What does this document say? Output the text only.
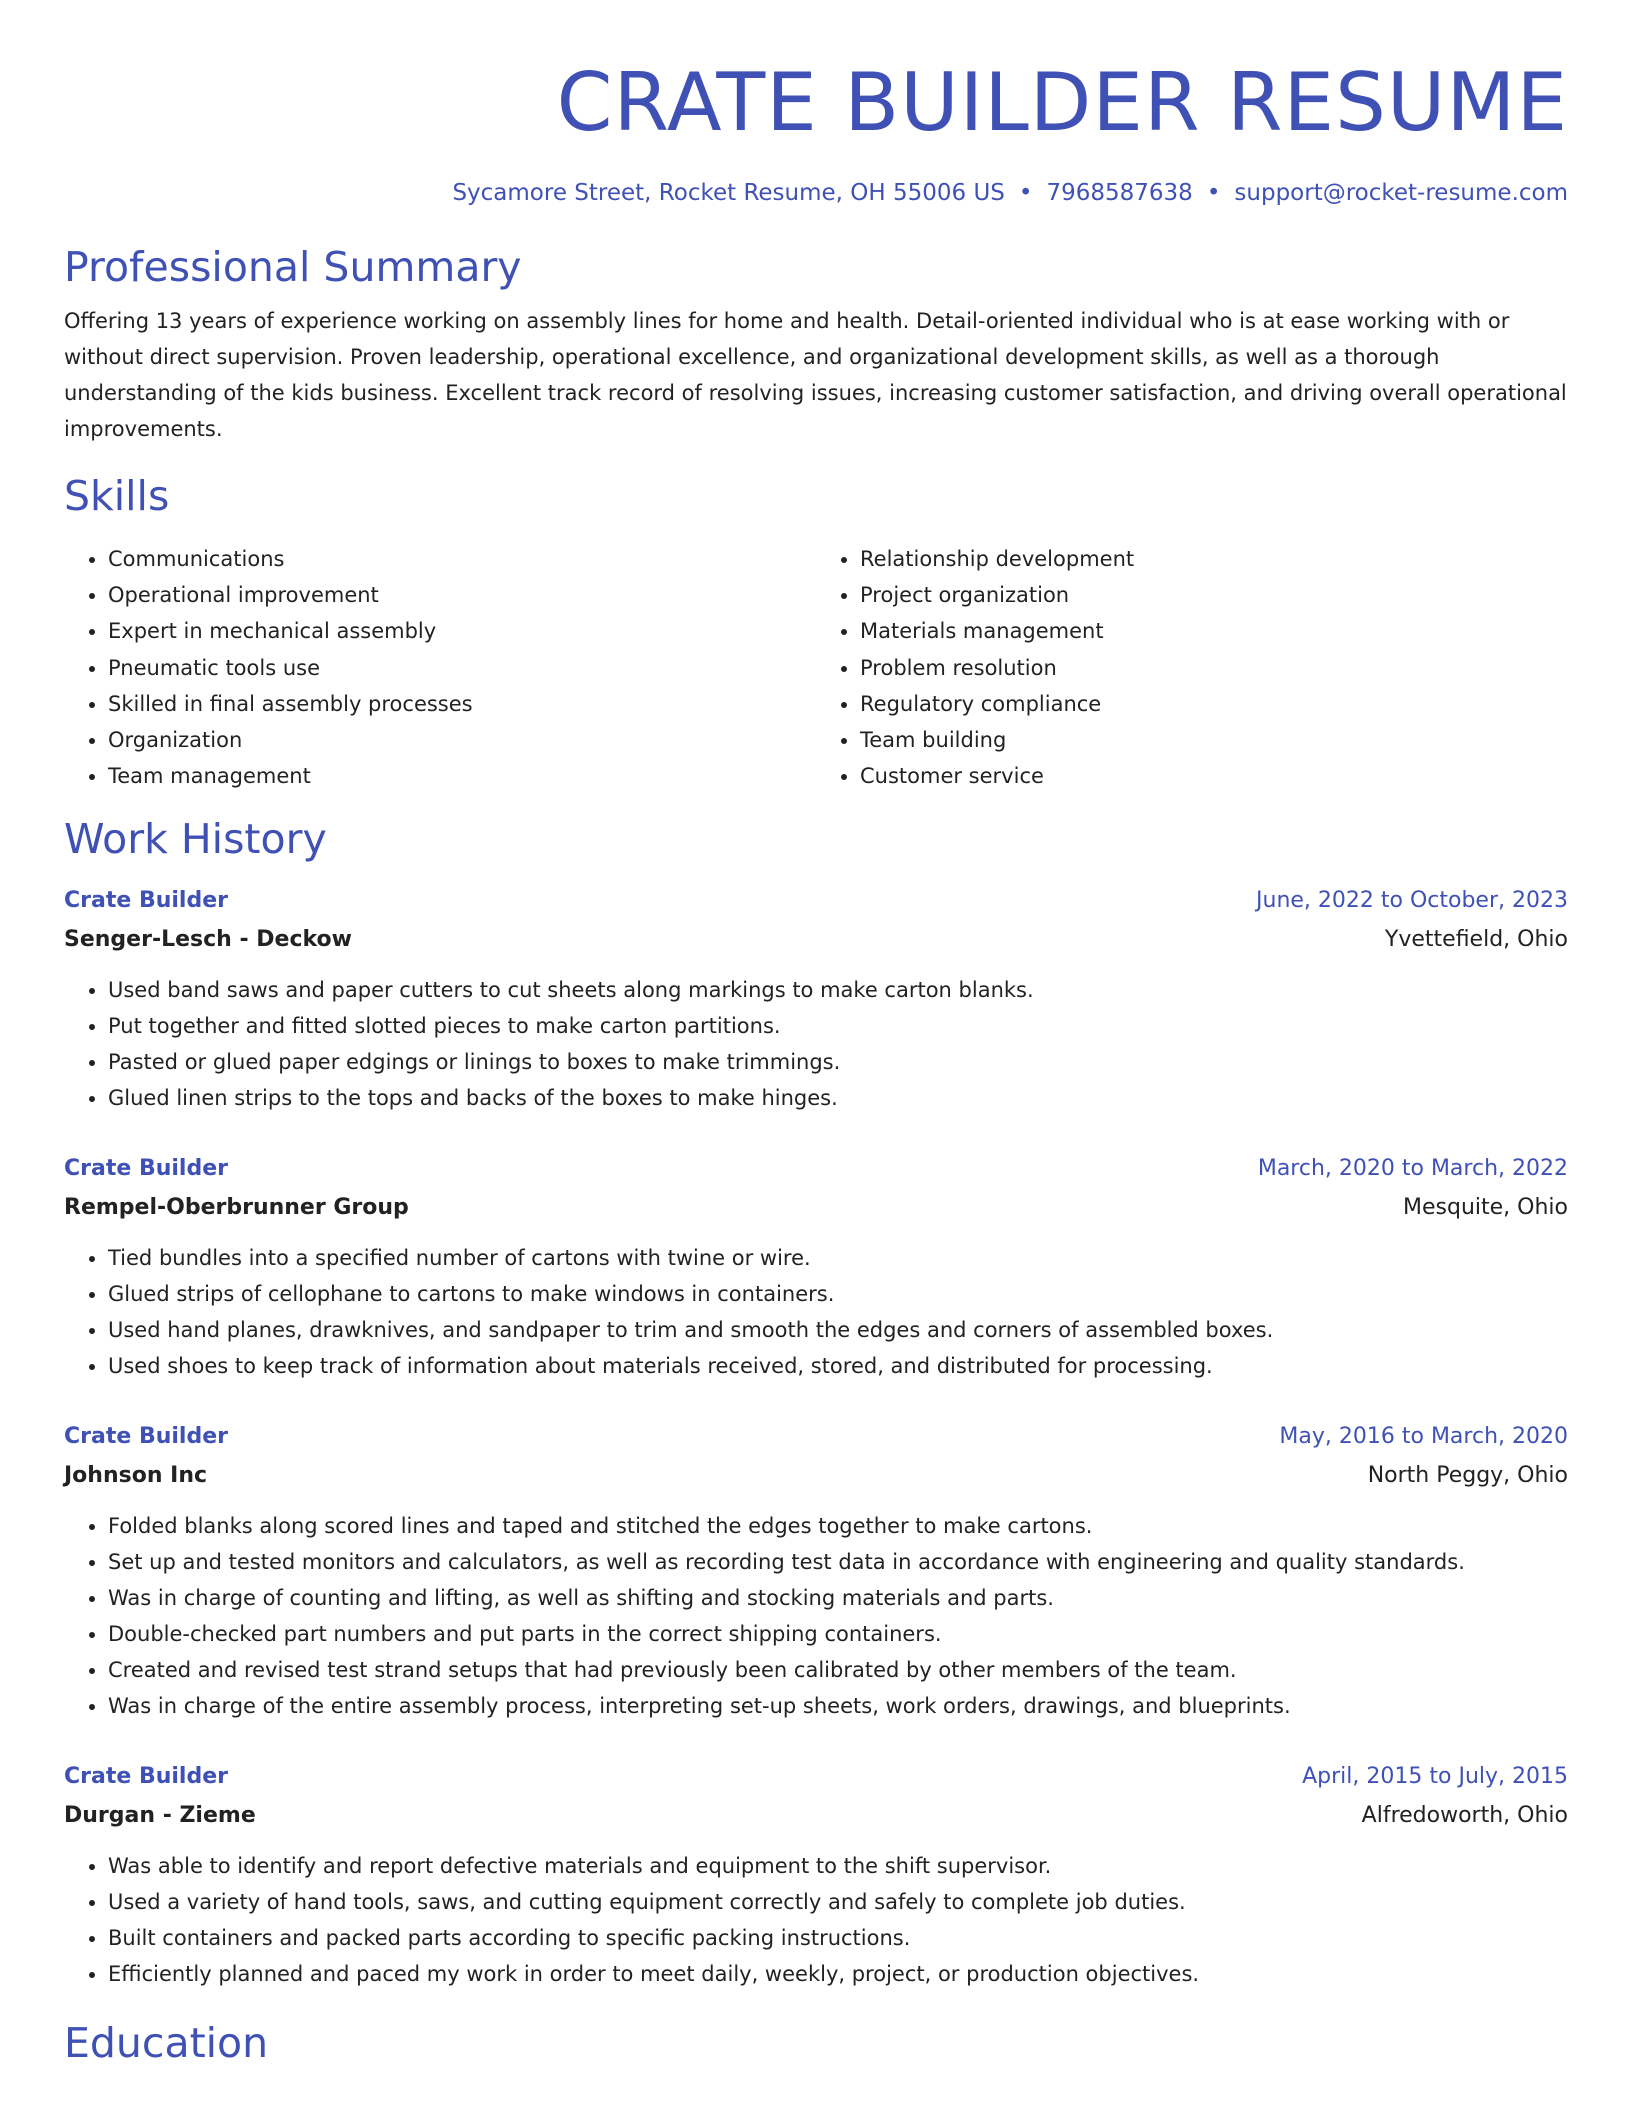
CRATE BUILDER RESUME
Sycamore Street, Rocket Resume, OH 55006 US • 7968587638 • support@rocket-resume.com
Professional Summary

Offering 13 years of experience working on assembly lines for home and health. Detail-oriented individual who is at ease working with or without direct supervision. Proven leadership, operational excellence, and organizational development skills, as well as a thorough understanding of the kids business. Excellent track record of resolving issues, increasing customer satisfaction, and driving overall operational improvements.

Skills
• Communications
• Operational improvement
• Expert in mechanical assembly
• Pneumatic tools use
• Skilled in final assembly processes
• Organization
• Team management
• Relationship development
• Project organization
• Materials management
• Problem resolution
• Regulatory compliance
• Team building
• Customer service
Work History
Crate Builder	June, 2022 to October, 2023
Senger-Lesch - Deckow	Yvettefield, Ohio
• Used band saws and paper cutters to cut sheets along markings to make carton blanks.
• Put together and fitted slotted pieces to make carton partitions.
• Pasted or glued paper edgings or linings to boxes to make trimmings.
• Glued linen strips to the tops and backs of the boxes to make hinges.
Crate Builder	March, 2020 to March, 2022
Rempel-Oberbrunner Group	Mesquite, Ohio
• Tied bundles into a specified number of cartons with twine or wire.
• Glued strips of cellophane to cartons to make windows in containers.
• Used hand planes, drawknives, and sandpaper to trim and smooth the edges and corners of assembled boxes.
• Used shoes to keep track of information about materials received, stored, and distributed for processing.
Crate Builder	May, 2016 to March, 2020
Johnson Inc	North Peggy, Ohio
• Folded blanks along scored lines and taped and stitched the edges together to make cartons.
• Set up and tested monitors and calculators, as well as recording test data in accordance with engineering and quality standards.
• Was in charge of counting and lifting, as well as shifting and stocking materials and parts.
• Double-checked part numbers and put parts in the correct shipping containers.
• Created and revised test strand setups that had previously been calibrated by other members of the team.
• Was in charge of the entire assembly process, interpreting set-up sheets, work orders, drawings, and blueprints.
Crate Builder	April, 2015 to July, 2015
Durgan - Zieme	Alfredoworth, Ohio
• Was able to identify and report defective materials and equipment to the shift supervisor.
• Used a variety of hand tools, saws, and cutting equipment correctly and safely to complete job duties.
• Built containers and packed parts according to specific packing instructions.
• Efficiently planned and paced my work in order to meet daily, weekly, project, or production objectives.
Education
